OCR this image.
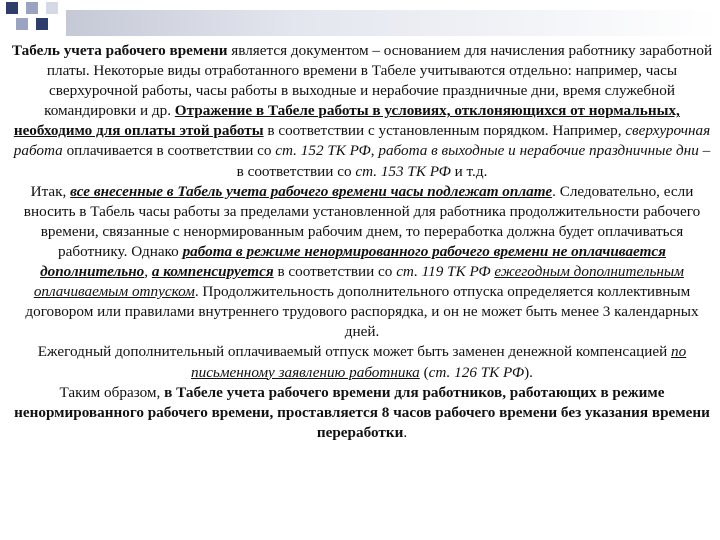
Табель учета рабочего времени является документом – основанием для начисления работнику заработной платы. Некоторые виды отработанного времени в Табеле учитываются отдельно: например, часы сверхурочной работы, часы работы в выходные и нерабочие праздничные дни, время служебной командировки и др. Отражение в Табеле работы в условиях, отклоняющихся от нормальных, необходимо для оплаты этой работы в соответствии с установленным порядком. Например, сверхурочная работа оплачивается в соответствии со ст. 152 ТК РФ, работа в выходные и нерабочие праздничные дни – в соответствии со ст. 153 ТК РФ и т.д.

Итак, все внесенные в Табель учета рабочего времени часы подлежат оплате. Следовательно, если вносить в Табель часы работы за пределами установленной для работника продолжительности рабочего времени, связанные с ненормированным рабочим днем, то переработка должна будет оплачиваться работнику. Однако работа в режиме ненормированного рабочего времени не оплачивается дополнительно, а компенсируется в соответствии со ст. 119 ТК РФ ежегодным дополнительным оплачиваемым отпуском. Продолжительность дополнительного отпуска определяется коллективным договором или правилами внутреннего трудового распорядка, и он не может быть менее 3 календарных дней.

Ежегодный дополнительный оплачиваемый отпуск может быть заменен денежной компенсацией по письменному заявлению работника (ст. 126 ТК РФ).

Таким образом, в Табеле учета рабочего времени для работников, работающих в режиме ненормированного рабочего времени, проставляется 8 часов рабочего времени без указания времени переработки.
